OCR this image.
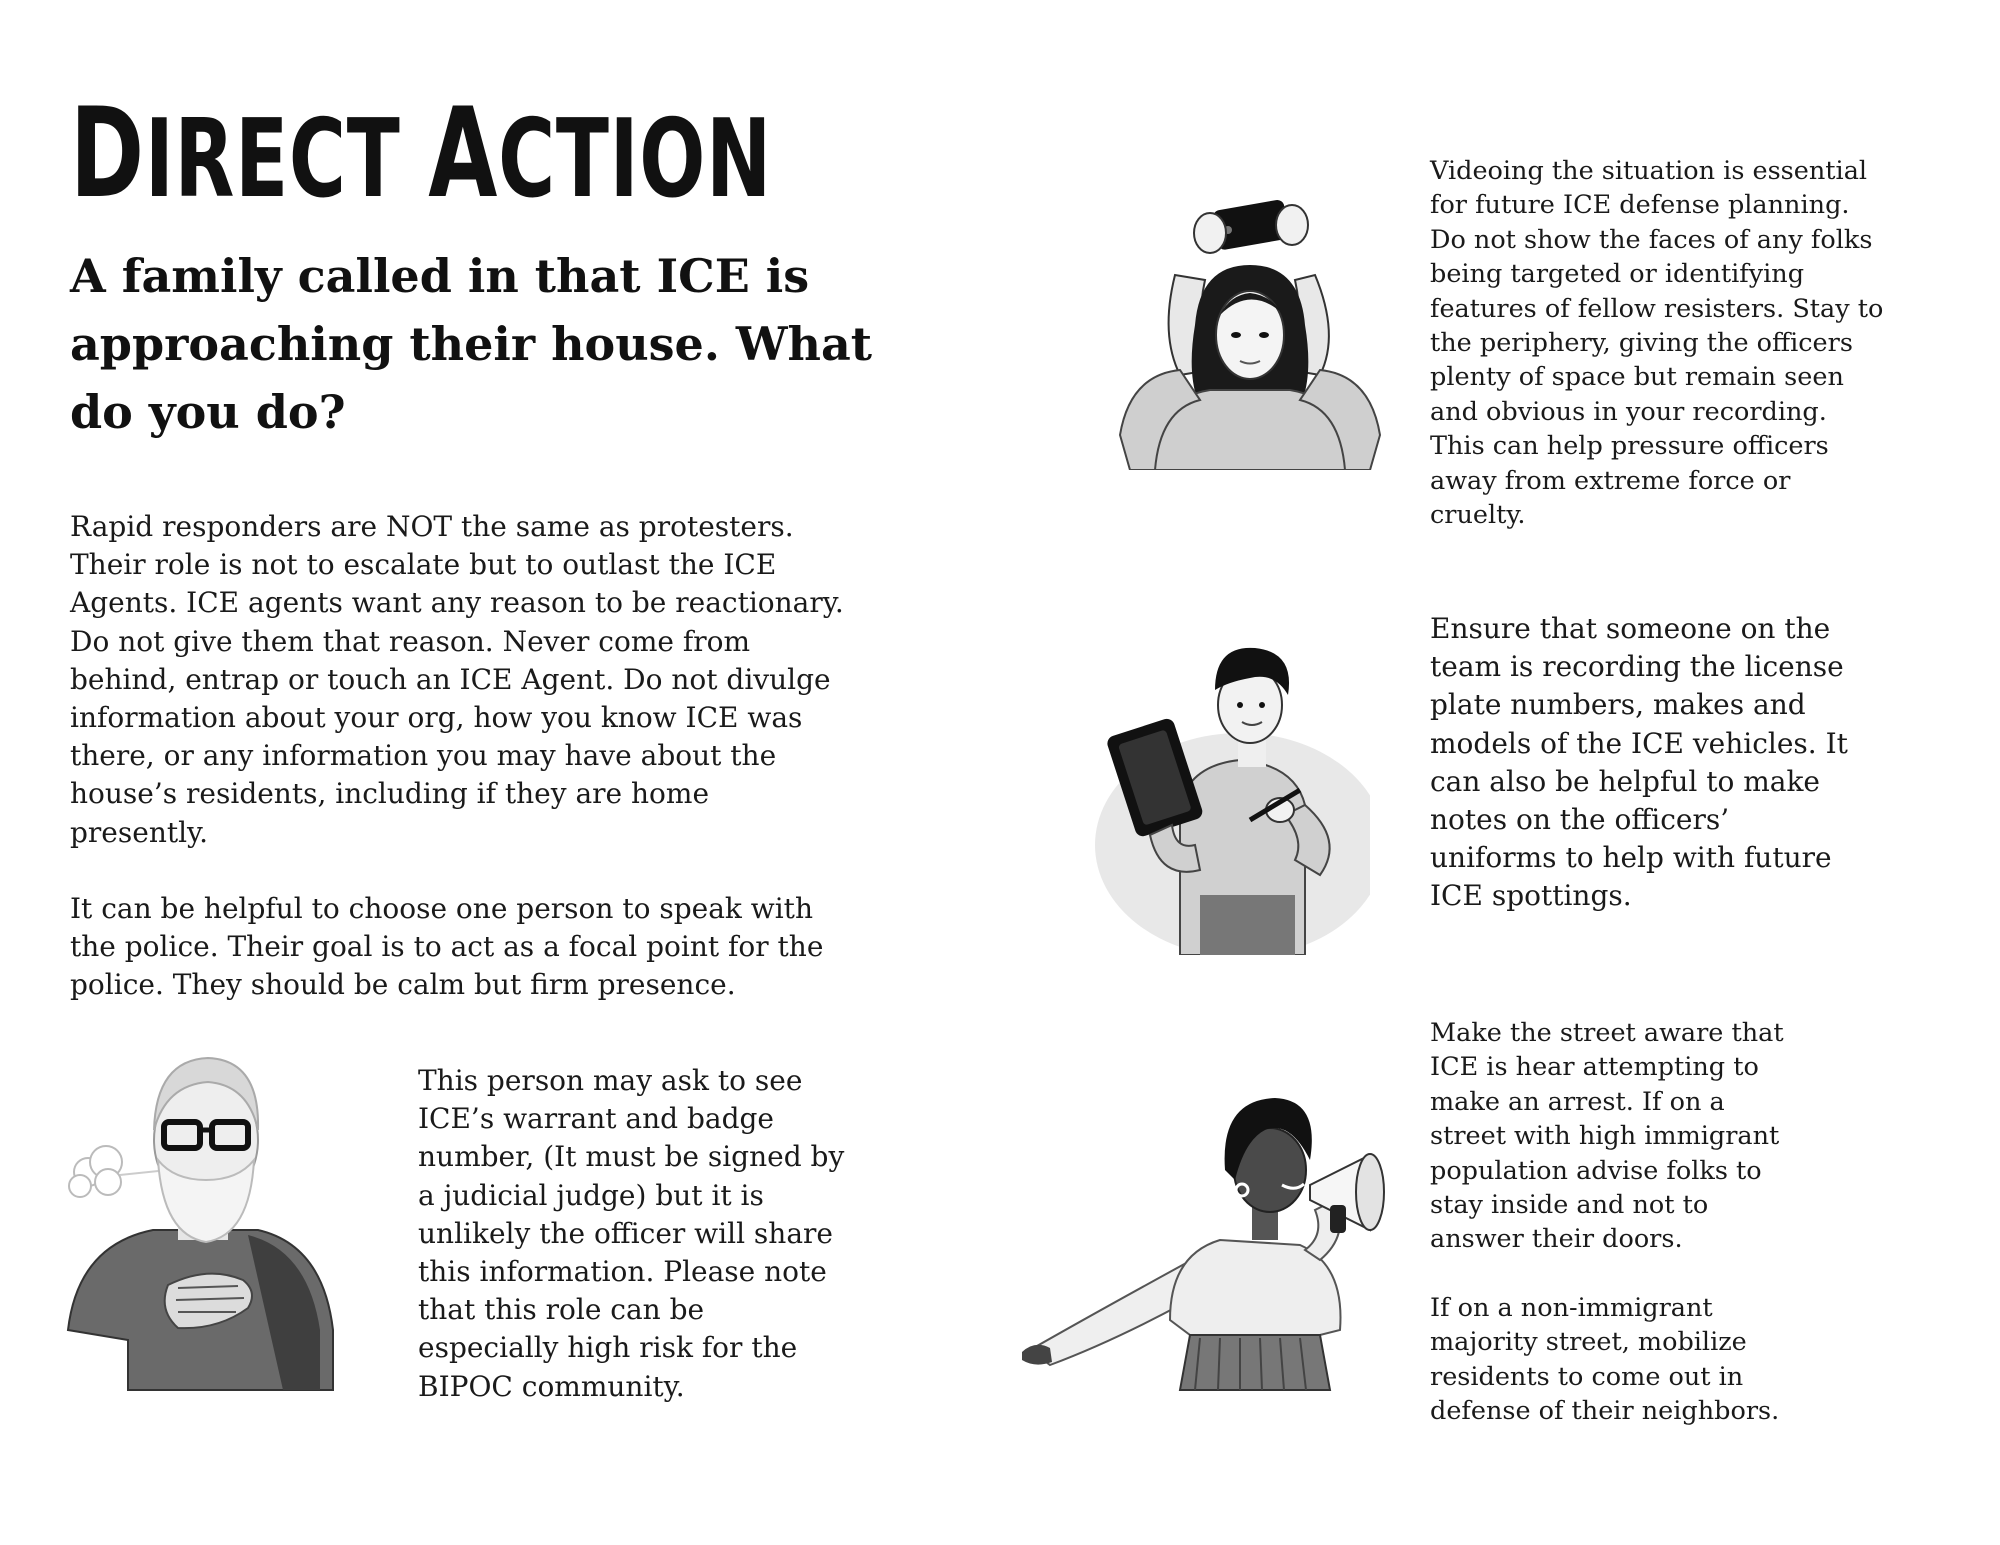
DIRECT ACTION
A family called in that ICE is approaching their house. What do you do?

Rapid responders are NOT the same as protesters.
Their role is not to escalate but to outlast the ICE
Agents. ICE agents want any reason to be reactionary.
Do not give them that reason. Never come from
behind, entrap or touch an ICE Agent. Do not divulge
information about your org, how you know ICE was
there, or any information you may have about the
house’s residents, including if they are home
presently.

It can be helpful to choose one person to speak with
the police. Their goal is to act as a focal point for the
police. They should be calm but firm presence.

This person may ask to see
ICE’s warrant and badge
number, (It must be signed by
a judicial judge) but it is
unlikely the officer will share
this information. Please note
that this role can be
especially high risk for the
BIPOC community.

Videoing the situation is essential
for future ICE defense planning.
Do not show the faces of any folks
being targeted or identifying
features of fellow resisters. Stay to
the periphery, giving the officers
plenty of space but remain seen
and obvious in your recording.
This can help pressure officers
away from extreme force or
cruelty.

Ensure that someone on the
team is recording the license
plate numbers, makes and
models of the ICE vehicles. It
can also be helpful to make
notes on the officers’
uniforms to help with future
ICE spottings.

Make the street aware that
ICE is hear attempting to
make an arrest. If on a
street with high immigrant
population advise folks to
stay inside and not to
answer their doors.

If on a non-immigrant
majority street, mobilize
residents to come out in
defense of their neighbors.
